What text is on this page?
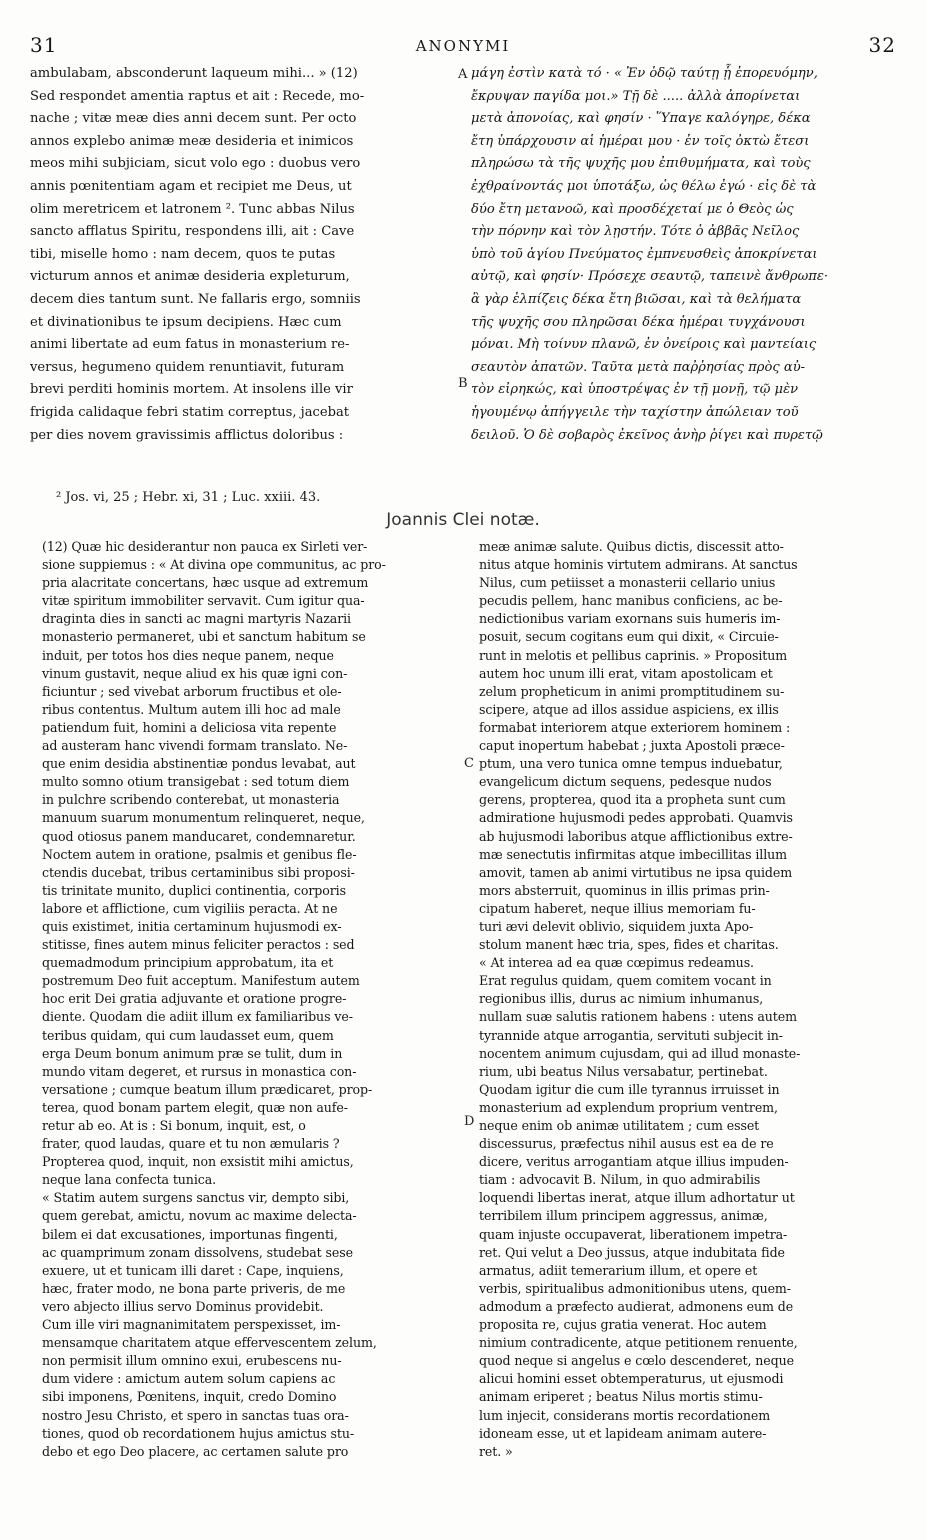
31	ANONYMI	32
ambulabam, absconderunt laqueum mihi... » (12)
Sed respondet amentia raptus et ait : Recede, mo-
nache ; vitæ meæ dies anni decem sunt. Per octo
annos explebo animæ meæ desideria et inimicos
meos mihi subjiciam, sicut volo ego : duobus vero
annis pœnitentiam agam et recipiet me Deus, ut
olim meretricem et latronem ². Tunc abbas Nilus
sancto afflatus Spiritu, respondens illi, ait : Cave
tibi, miselle homo : nam decem, quos te putas
victurum annos et animæ desideria expleturum,
decem dies tantum sunt. Ne fallaris ergo, somniis
et divinationibus te ipsum decipiens. Hæc cum
animi libertate ad eum fatus in monasterium re-
versus, hegumeno quidem renuntiavit, futuram
brevi perditi hominis mortem. At insolens ille vir
frigida calidaque febri statim correptus, jacebat
per dies novem gravissimis afflictus doloribus :
μάγη ἐστὶν κατὰ τό · « Ἐν ὁδῷ ταύτῃ ᾗ ἐπορευόμην,
ἔκρυψαν παγίδα μοι.» Τῇ δὲ ..... ἀλλὰ ἀπορίνεται
μετὰ ἀπονοίας, καὶ φησίν · Ὕπαγε καλόγηρε, δέκα
ἔτη ὑπάρχουσιν αἱ ἡμέραι μου · ἐν τοῖς ὀκτὼ ἔτεσι
πληρώσω τὰ τῆς ψυχῆς μου ἐπιθυμήματα, καὶ τοὺς
ἐχθραίνοντάς μοι ὑποτάξω, ὡς θέλω ἐγώ · εἰς δὲ τὰ
δύο ἔτη μετανοῶ, καὶ προσδέχεταί με ὁ Θεὸς ὡς
τὴν πόρνην καὶ τὸν λῃστήν. Τότε ὁ ἀββᾶς Νεῖλος
ὑπὸ τοῦ ἁγίου Πνεύματος ἐμπνευσθεὶς ἀποκρίνεται
αὐτῷ, καὶ φησίν· Πρόσεχε σεαυτῷ, ταπεινὲ ἄνθρωπε·
ἃ γὰρ ἐλπίζεις δέκα ἔτη βιῶσαι, καὶ τὰ θελήματα
τῆς ψυχῆς σου πληρῶσαι δέκα ἡμέραι τυγχάνουσι
μόναι. Μὴ τοίνυν πλανῶ, ἐν ὀνείροις καὶ μαντείαις
σεαυτὸν ἀπατῶν. Ταῦτα μετὰ παῤῥησίας πρὸς αὐ-
τὸν εἰρηκώς, καὶ ὑποστρέψας ἐν τῇ μονῇ, τῷ μὲν
ἡγουμένῳ ἀπήγγειλε τὴν ταχίστην ἀπώλειαν τοῦ
δειλοῦ. Ὁ δὲ σοβαρὸς ἐκεῖνος ἀνὴρ ῥίγει καὶ πυρετῷ
A
B
C
D
² Jos. vi, 25 ; Hebr. xi, 31 ; Luc. xxiii. 43.
Joannis Clei notæ.
(12) Quæ hic desiderantur non pauca ex Sirleti ver-
sione suppiemus : « At divina ope communitus, ac pro-
pria alacritate concertans, hæc usque ad extremum
vitæ spiritum immobiliter servavit. Cum igitur qua-
draginta dies in sancti ac magni martyris Nazarii
monasterio permaneret, ubi et sanctum habitum se
induit, per totos hos dies neque panem, neque
vinum gustavit, neque aliud ex his quæ igni con-
ficiuntur ; sed vivebat arborum fructibus et ole-
ribus contentus. Multum autem illi hoc ad male
patiendum fuit, homini a deliciosa vita repente
ad austeram hanc vivendi formam translato. Ne-
que enim desidia abstinentiæ pondus levabat, aut
multo somno otium transigebat : sed totum diem
in pulchre scribendo conterebat, ut monasteria
manuum suarum monumentum relinqueret, neque,
quod otiosus panem manducaret, condemnaretur.
Noctem autem in oratione, psalmis et genibus fle-
ctendis ducebat, tribus certaminibus sibi proposi-
tis trinitate munito, duplici continentia, corporis
labore et afflictione, cum vigiliis peracta. At ne
quis existimet, initia certaminum hujusmodi ex-
stitisse, fines autem minus feliciter peractos : sed
quemadmodum principium approbatum, ita et
postremum Deo fuit acceptum. Manifestum autem
hoc erit Dei gratia adjuvante et oratione progre-
diente. Quodam die adiit illum ex familiaribus ve-
teribus quidam, qui cum laudasset eum, quem
erga Deum bonum animum præ se tulit, dum in
mundo vitam degeret, et rursus in monastica con-
versatione ; cumque beatum illum prædicaret, prop-
terea, quod bonam partem elegit, quæ non aufe-
retur ab eo. At is : Si bonum, inquit, est, o
frater, quod laudas, quare et tu non æmularis ?
Propterea quod, inquit, non exsistit mihi amictus,
neque lana confecta tunica.
« Statim autem surgens sanctus vir, dempto sibi,
quem gerebat, amictu, novum ac maxime delecta-
bilem ei dat excusationes, importunas fingenti,
ac quamprimum zonam dissolvens, studebat sese
exuere, ut et tunicam illi daret : Cape, inquiens,
hæc, frater modo, ne bona parte priveris, de me
vero abjecto illius servo Dominus providebit.
Cum ille viri magnanimitatem perspexisset, im-
mensamque charitatem atque effervescentem zelum,
non permisit illum omnino exui, erubescens nu-
dum videre : amictum autem solum capiens ac
sibi imponens, Pœnitens, inquit, credo Domino
nostro Jesu Christo, et spero in sanctas tuas ora-
tiones, quod ob recordationem hujus amictus stu-
debo et ego Deo placere, ac certamen salute pro
meæ animæ salute. Quibus dictis, discessit atto-
nitus atque hominis virtutem admirans. At sanctus
Nilus, cum petiisset a monasterii cellario unius
pecudis pellem, hanc manibus conficiens, ac be-
nedictionibus variam exornans suis humeris im-
posuit, secum cogitans eum qui dixit, « Circuie-
runt in melotis et pellibus caprinis. » Propositum
autem hoc unum illi erat, vitam apostolicam et
zelum propheticum in animi promptitudinem su-
scipere, atque ad illos assidue aspiciens, ex illis
formabat interiorem atque exteriorem hominem :
caput inopertum habebat ; juxta Apostoli præce-
ptum, una vero tunica omne tempus induebatur,
evangelicum dictum sequens, pedesque nudos
gerens, propterea, quod ita a propheta sunt cum
admiratione hujusmodi pedes approbati. Quamvis
ab hujusmodi laboribus atque afflictionibus extre-
mæ senectutis infirmitas atque imbecillitas illum
amovit, tamen ab animi virtutibus ne ipsa quidem
mors absterruit, quominus in illis primas prin-
cipatum haberet, neque illius memoriam fu-
turi ævi delevit oblivio, siquidem juxta Apo-
stolum manent hæc tria, spes, fides et charitas.
« At interea ad ea quæ cœpimus redeamus.
Erat regulus quidam, quem comitem vocant in
regionibus illis, durus ac nimium inhumanus,
nullam suæ salutis rationem habens : utens autem
tyrannide atque arrogantia, servituti subjecit in-
nocentem animum cujusdam, qui ad illud monaste-
rium, ubi beatus Nilus versabatur, pertinebat.
Quodam igitur die cum ille tyrannus irruisset in
monasterium ad explendum proprium ventrem,
neque enim ob animæ utilitatem ; cum esset
discessurus, præfectus nihil ausus est ea de re
dicere, veritus arrogantiam atque illius impuden-
tiam : advocavit B. Nilum, in quo admirabilis
loquendi libertas inerat, atque illum adhortatur ut
terribilem illum principem aggressus, animæ,
quam injuste occupaverat, liberationem impetra-
ret. Qui velut a Deo jussus, atque indubitata fide
armatus, adiit temerarium illum, et opere et
verbis, spiritualibus admonitionibus utens, quem-
admodum a præfecto audierat, admonens eum de
proposita re, cujus gratia venerat. Hoc autem
nimium contradicente, atque petitionem renuente,
quod neque si angelus e cœlo descenderet, neque
alicui homini esset obtemperaturus, ut ejusmodi
animam eriperet ; beatus Nilus mortis stimu-
lum injecit, considerans mortis recordationem
idoneam esse, ut et lapideam animam autere-
ret. »
